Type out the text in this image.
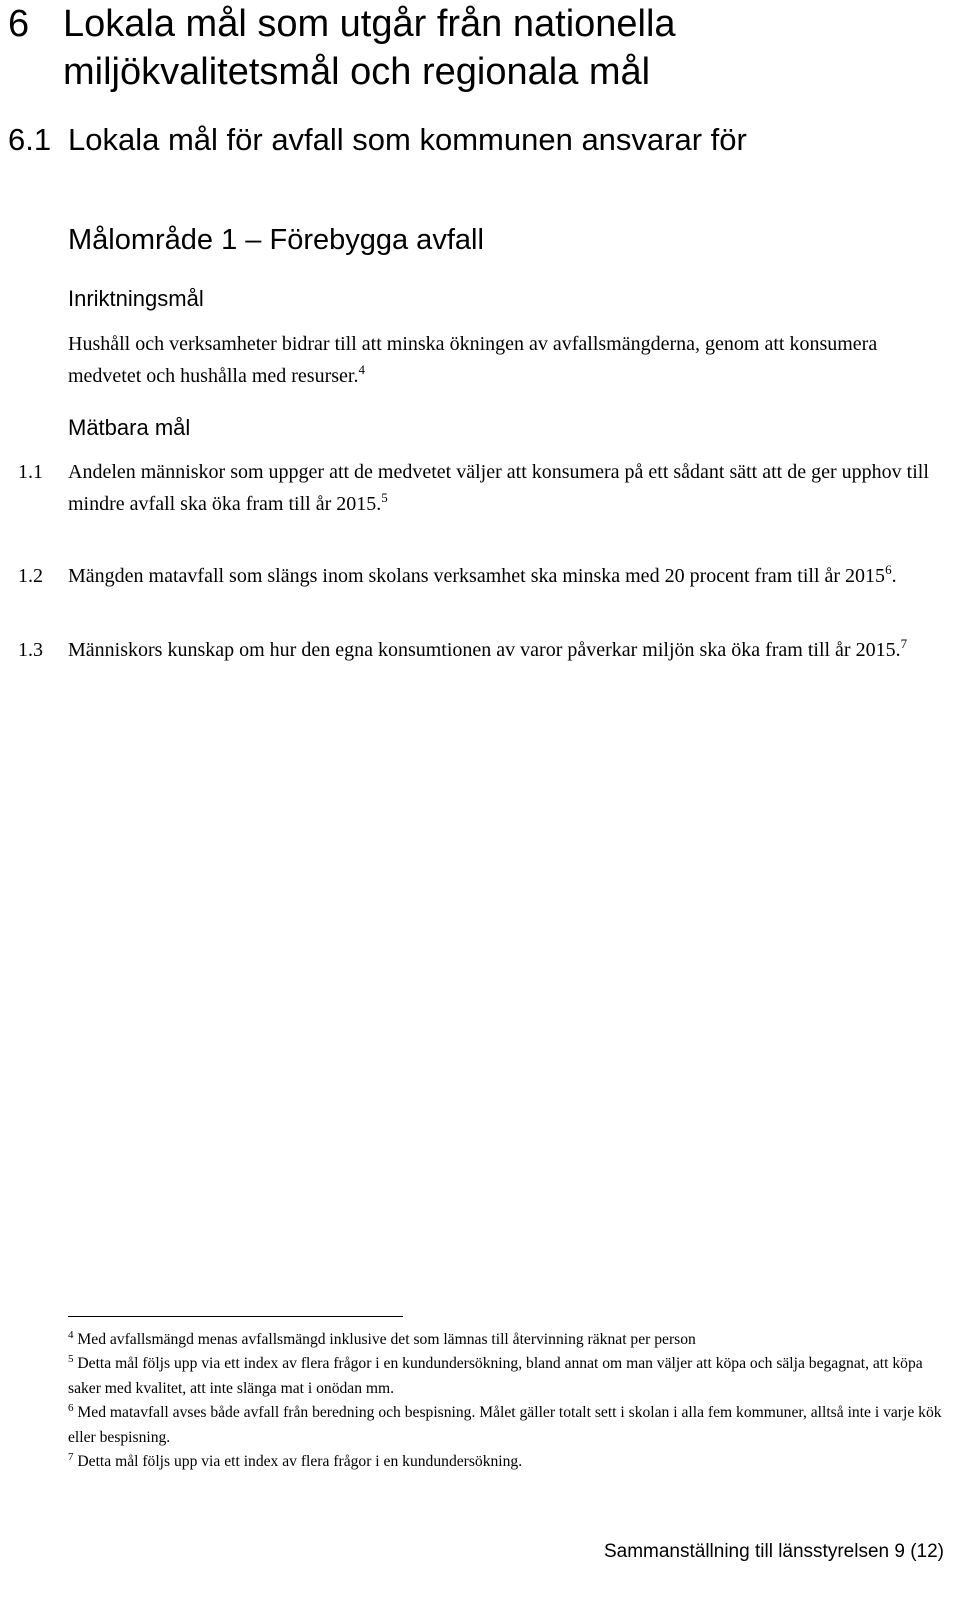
6 Lokala mål som utgår från nationella
miljökvalitetsmål och regionala mål
6.1 Lokala mål för avfall som kommunen ansvarar för
Målområde 1 – Förebygga avfall
Inriktningsmål
Hushåll och verksamheter bidrar till att minska ökningen av avfallsmängderna, genom att konsumera medvetet och hushålla med resurser.$^4$
Mätbara mål
1.1 Andelen människor som uppger att de medvetet väljer att konsumera på ett sådant sätt att de ger upphov till mindre avfall ska öka fram till år 2015.$^5$
1.2 Mängden matavfall som slängs inom skolans verksamhet ska minska med 20 procent fram till år 2015$^6$.
1.3 Människors kunskap om hur den egna konsumtionen av varor påverkar miljön ska öka fram till år 2015.$^7$

$^4$ Med avfallsmängd menas avfallsmängd inklusive det som lämnas till återvinning räknat per person

$^5$ Detta mål följs upp via ett index av flera frågor i en kundundersökning, bland annat om man väljer att köpa och sälja begagnat, att köpa saker med kvalitet, att inte slänga mat i onödan mm.

$^6$ Med matavfall avses både avfall från beredning och bespisning. Målet gäller totalt sett i skolan i alla fem kommuner, alltså inte i varje kök eller bespisning.

$^7$ Detta mål följs upp via ett index av flera frågor i en kundundersökning.

Sammanställning till länsstyrelsen 9 (12)
